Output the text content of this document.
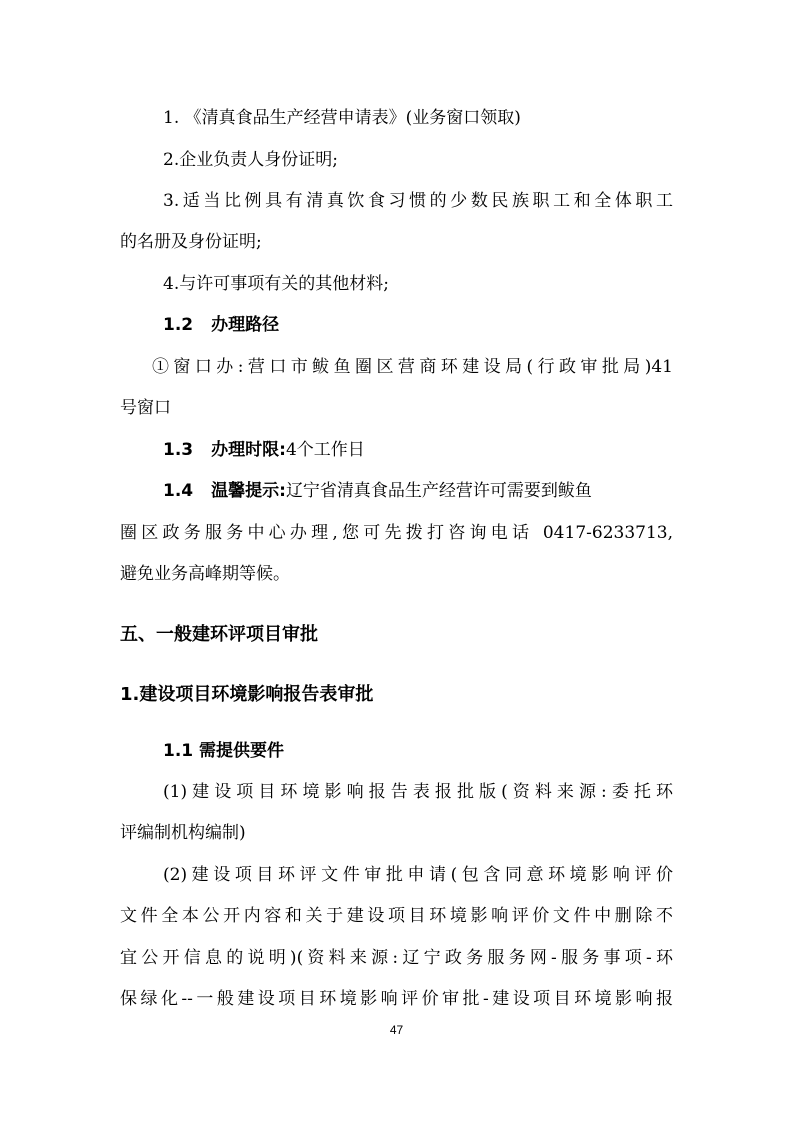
1. 《清真食品生产经营申请表》(业务窗口领取)
2.企业负责人身份证明;
3.适当比例具有清真饮食习惯的少数民族职工和全体职工
的名册及身份证明;
4.与许可事项有关的其他材料;
1.2 办理路径
①窗口办:营口市鲅鱼圈区营商环建设局(行政审批局)41
号窗口
1.3 办理时限:4个工作日
1.4 温馨提示:辽宁省清真食品生产经营许可需要到鲅鱼
圈区政务服务中心办理,您可先拨打咨询电话 0417-6233713,
避免业务高峰期等候。
五、一般建环评项目审批
1.建设项目环境影响报告表审批
1.1 需提供要件
(1)建设项目环境影响报告表报批版(资料来源:委托环
评编制机构编制)
(2)建设项目环评文件审批申请(包含同意环境影响评价
文件全本公开内容和关于建设项目环境影响评价文件中删除不
宜公开信息的说明)(资料来源:辽宁政务服务网-服务事项-环
保绿化--一般建设项目环境影响评价审批-建设项目环境影响报
47
